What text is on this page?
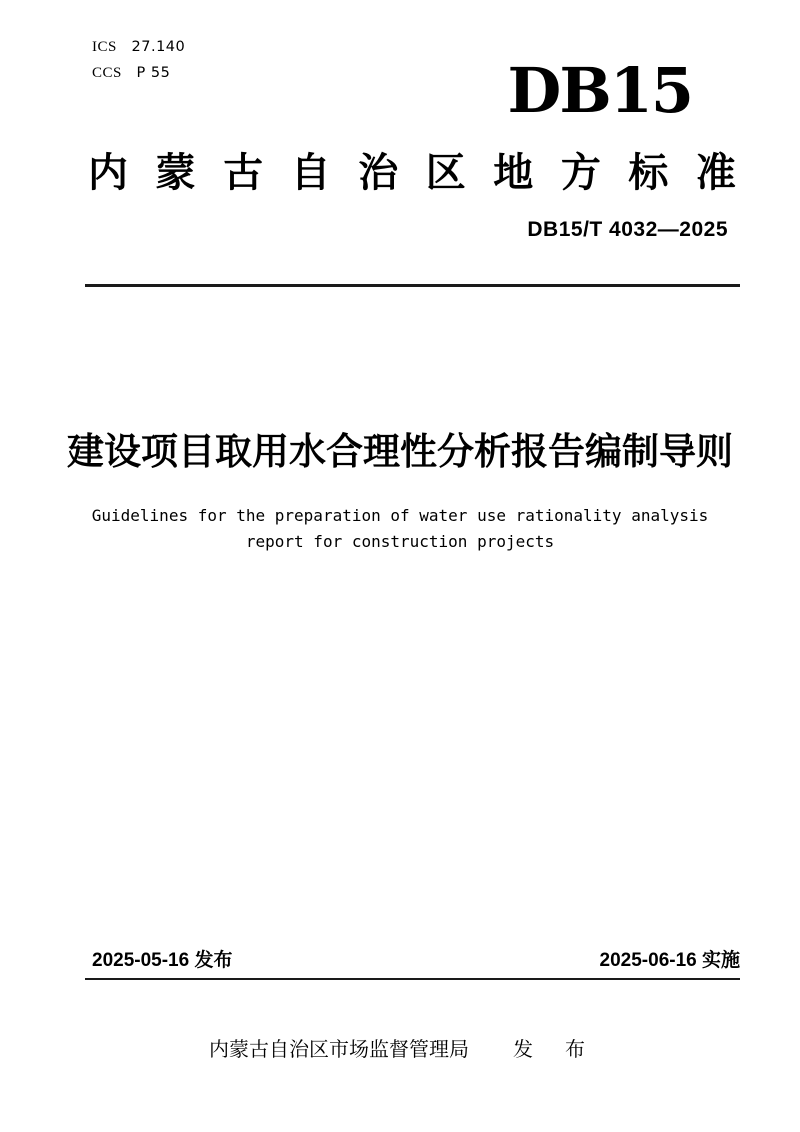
ICS 27.140
CCS P 55	DB15
内 蒙 古 自 治 区 地 方 标 准
DB15/T 4032—2025
建设项目取用水合理性分析报告编制导则
Guidelines for the preparation of water use rationality analysis
report for construction projects
2025-05-16 发布	2025-06-16 实施
内蒙古自治区市场监督管理局 发　布
